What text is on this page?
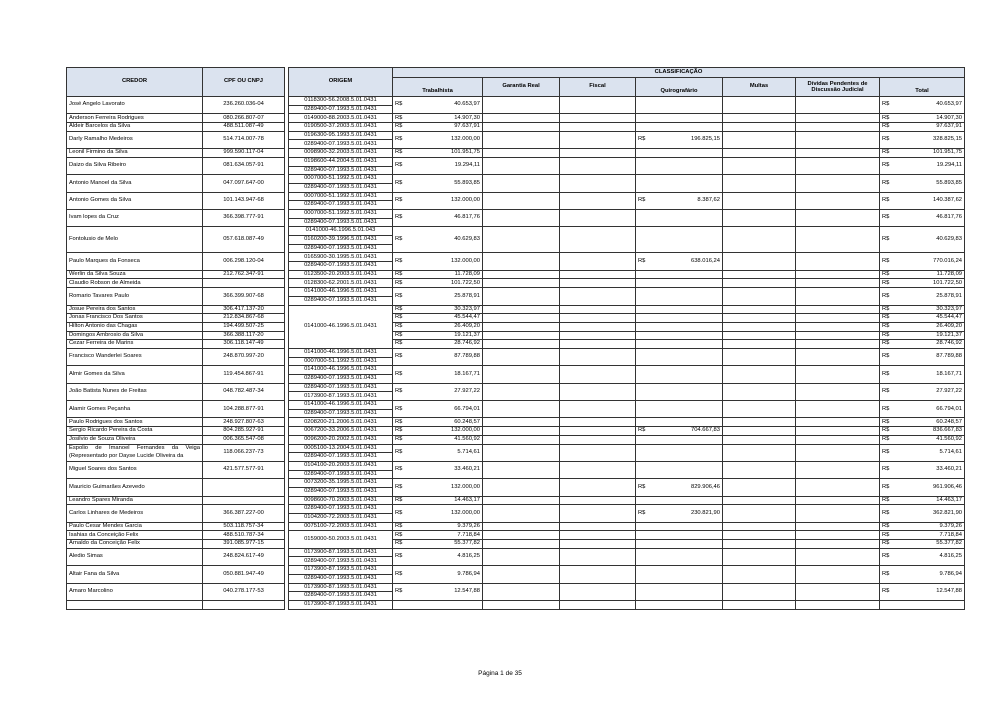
CREDOR	CPF OU CNPJ		ORIGEM	CLASSIFICAÇÃO									
						Garantia Real	Fiscal			Multas	Dívidas Pendentes de Discussão Judicial		
				Trabalhista				Quirografário				Total	
José Angelo Lavorato	236.260.036-04		0118300-56.2008.5.01.0431	R$	40.653,97							R$	40.653,97
			0289400-07.1993.5.01.0431										
Anderson Ferreira Rodrigues	080.266.807-07		0149000-88.2003.5.01.0431	R$	14.907,30							R$	14.907,30
Aldeir Barcelos da Silva	488.511.087-49		0190500-37.2003.5.01.0431	R$	97.637,91							R$	97.637,91
Darly Ramalho Medeiros	514.714.007-78		0196300-95.1993.5.01.0431	R$	132.000,00			R$	196.825,15			R$	328.825,15
			0289400-07.1993.5.01.0431										
Leonil Firmino da Silva	999.590.117-04		0098900-32.2003.5.01.0431	R$	101.951,75							R$	101.951,75
Daizo da Silva Ribeiro	081.634.057-91		0198600-44.2004.5.01.0431	R$	19.294,11							R$	19.294,11
			0289400-07.1993.5.01.0431										
Antonio Manoel da Silva	047.097.647-00		0007000-51.1992.5.01.0431	R$	55.893,85							R$	55.893,85
			0289400-07.1993.5.01.0431										
Antonio Gomes da Silva	101.143.947-68		0007000-51.1992.5.01.0431	R$	132.000,00			R$	8.387,62			R$	140.387,62
			0289400-07.1993.5.01.0431										
Ivam lopes da Cruz	366.398.777-91		0007000-51.1992.5.01.0431	R$	46.817,76							R$	46.817,76
			0289400-07.1993.5.01.0431										
Fontolusio de Melo	057.618.087-49		0141000-46.1996.5.01.043	R$	40.629,83							R$	40.629,83
			0160200-39.1996.5.01.0431										
			0289400-07.1993.5.01.0431										
Paulo Marques da Fonseca	006.298.120-04		0165900-30.1995.5.01.0431	R$	132.000,00			R$	638.016,24			R$	770.016,24
			0289400-07.1993.5.01.0431										
Werlin da Silva Souza	212.762.347-91		0123500-20.2003.5.01.0431	R$	11.728,09							R$	11.728,09
Claudio Robson de Almeida			0128300-62.2001.5.01.0431	R$	101.722,50							R$	101.722,50
Romario Tavares Paulo	366.399.907-68		0141000-46.1996.5.01.0431	R$	25.878,91							R$	25.878,91
			0289400-07.1993.5.01.0431										
Josue Pereira dos Santos	306.417.137-20		0141000-46.1996.5.01.0431	R$	30.323,97							R$	30.323,97
Jonas Francisco Dos Santos	212.834.867-68			R$	45.544,47							R$	45.544,47
Hilton Antonio das Chagas	194.499.507-25			R$	26.409,20							R$	26.409,20
Domingos Ambrosio da Silva	366.388.117-20			R$	19.121,37							R$	19.121,37
Cezar Ferreira de Marins	306.118.147-49			R$	28.746,92							R$	28.746,92
Francisco Wanderlei Soares	248.870.997-20		0141000-46.1996.5.01.0431	R$	87.789,88							R$	87.789,88
			0007000-51.1992.5.01.0431										
Almir Gomes da Silva	119.454.867-91		0141000-46.1996.5.01.0431	R$	18.167,71							R$	18.167,71
			0289400-07.1993.5.01.0431										
João Batista Nunes de Freitas	048.782.487-34		0289400-07.1993.5.01.0431	R$	27.927,22							R$	27.927,22
			0173900-87.1993.5.01.0431										
Alamir Gomes Peçanha	104.288.877-91		0141000-46.1996.5.01.0431	R$	66.794,01							R$	66.794,01
			0289400-07.1993.5.01.0431										
Paulo Rodrigues dos Santos	248.927.807-63		0208200-21.2006.5.01.0431	R$	60.248,57							R$	60.248,57
Sergio Ricardo Pereira da Costa	804.285.927-91		0067200-33.2006.5.01.0431	R$	132.000,00			R$	704.667,83			R$	836.667,83
Josilvio de Souza Oliveira	006.365.547-08		0096200-20.2002.5.01.0431	R$	41.560,92							R$	41.560,92
Espolio de Imanoel Fernandes da Veiga (Representado por Dayse Lucide Oliveira da	118.066.237-73		0005100-13.2004.5.01.0431	R$	5.714,61							R$	5.714,61
			0289400-07.1993.5.01.0431										
Miguel Soares dos Santos	421.577.577-91		0104100-20.2003.5.01.0431	R$	33.460,21							R$	33.460,21
			0289400-07.1993.5.01.0431										
Mauricio Guimarães Azevedo			0073200-35.1995.5.01.0431	R$	132.000,00			R$	829.906,46			R$	961.906,46
			0289400-07.1993.5.01.0431										
Leandro Spares Miranda			0098600-70.2003.5.01.0431	R$	14.463,17							R$	14.463,17
Carlos Linhares de Medeiros	366.387.227-00		0289400-07.1993.5.01.0431	R$	132.000,00			R$	230.821,90			R$	362.821,90
			0104200-72.2003.5.01.0431										
Paulo Cesar Mendes Garcia	503.118.757-34		0075100-72.2003.5.01.0431	R$	9.379,26							R$	9.379,26
Isahias da Conceição Felix	488.510.787-34		0159000-50.2003.5.01.0431	R$	7.718,84							R$	7.718,84
Arnaldo da Conceição Felix	391.085.977-15			R$	55.377,82							R$	55.377,82
Aledio Simas	248.824.617-49		0173900-87.1993.5.01.0431	R$	4.816,25							R$	4.816,25
			0289400-07.1993.5.01.0431										
Altair Fana da Silva	050.881.947-49		0173900-87.1993.5.01.0431	R$	9.786,94							R$	9.786,94
			0289400-07.1993.5.01.0431										
Amaro Marcolino	040.278.177-53		0173900-87.1993.5.01.0431	R$	12.547,88							R$	12.547,88
			0289400-07.1993.5.01.0431										
			0173900-87.1993.5.01.0431										
Página 1 de 35
